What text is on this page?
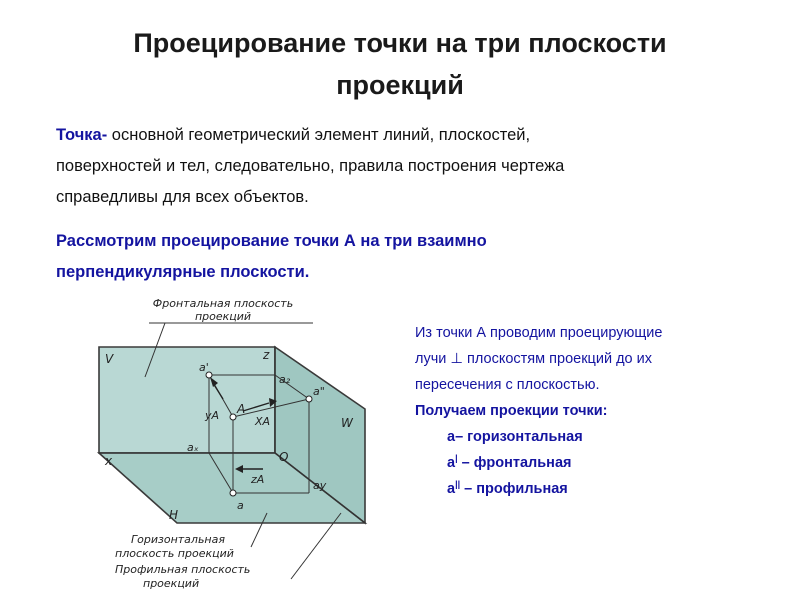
Проецирование точки на три плоскости
проекций
Точка- основной геометрический элемент линий, плоскостей,
поверхностей и тел, следовательно, правила построения чертежа
справедливы для всех объектов.
Рассмотрим проецирование точки А на три взаимно
перпендикулярные плоскости.
Фронтальная плоскость
проекций
Горизонтальная
плоскость проекций
Профильная плоскость
проекций
V	z
W
H
x	O
A
a'
a"
a
a₂
aₓ
ay
yA	XA
zA
Из точки А проводим проецирующие
лучи ⊥ плоскостям проекций до их
пересечения с плоскостью.
Получаем проекции точки:
а– горизонтальная
а| – фронтальная
а|| – профильная
